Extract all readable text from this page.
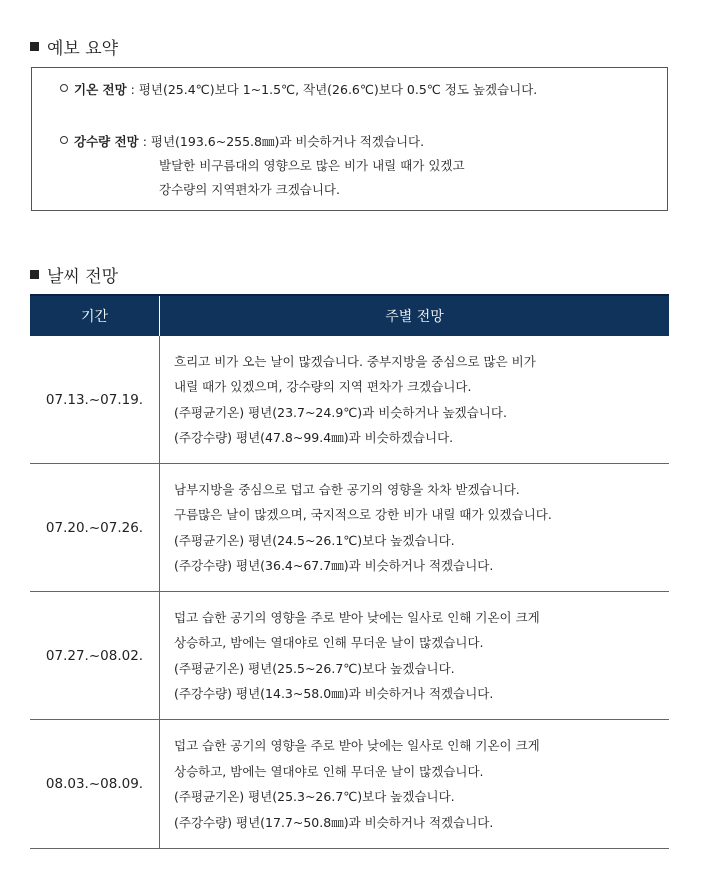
예보 요약
기온 전망 : 평년(25.4℃)보다 1~1.5℃, 작년(26.6℃)보다 0.5℃ 정도 높겠습니다.
강수량 전망 : 평년(193.6~255.8㎜)과 비슷하거나 적겠습니다.
발달한 비구름대의 영향으로 많은 비가 내릴 때가 있겠고
강수량의 지역편차가 크겠습니다.
날씨 전망
기간	주별 전망
07.13.~07.19.	흐리고 비가 오는 날이 많겠습니다. 중부지방을 중심으로 많은 비가
내릴 때가 있겠으며, 강수량의 지역 편차가 크겠습니다.
(주평균기온) 평년(23.7~24.9℃)과 비슷하거나 높겠습니다.
(주강수량) 평년(47.8~99.4㎜)과 비슷하겠습니다.

07.20.~07.26.	남부지방을 중심으로 덥고 습한 공기의 영향을 차차 받겠습니다.
구름많은 날이 많겠으며, 국지적으로 강한 비가 내릴 때가 있겠습니다.
(주평균기온) 평년(24.5~26.1℃)보다 높겠습니다.
(주강수량) 평년(36.4~67.7㎜)과 비슷하거나 적겠습니다.

07.27.~08.02.	덥고 습한 공기의 영향을 주로 받아 낮에는 일사로 인해 기온이 크게
상승하고, 밤에는 열대야로 인해 무더운 날이 많겠습니다.
(주평균기온) 평년(25.5~26.7℃)보다 높겠습니다.
(주강수량) 평년(14.3~58.0㎜)과 비슷하거나 적겠습니다.

08.03.~08.09.	덥고 습한 공기의 영향을 주로 받아 낮에는 일사로 인해 기온이 크게
상승하고, 밤에는 열대야로 인해 무더운 날이 많겠습니다.
(주평균기온) 평년(25.3~26.7℃)보다 높겠습니다.
(주강수량) 평년(17.7~50.8㎜)과 비슷하거나 적겠습니다.
